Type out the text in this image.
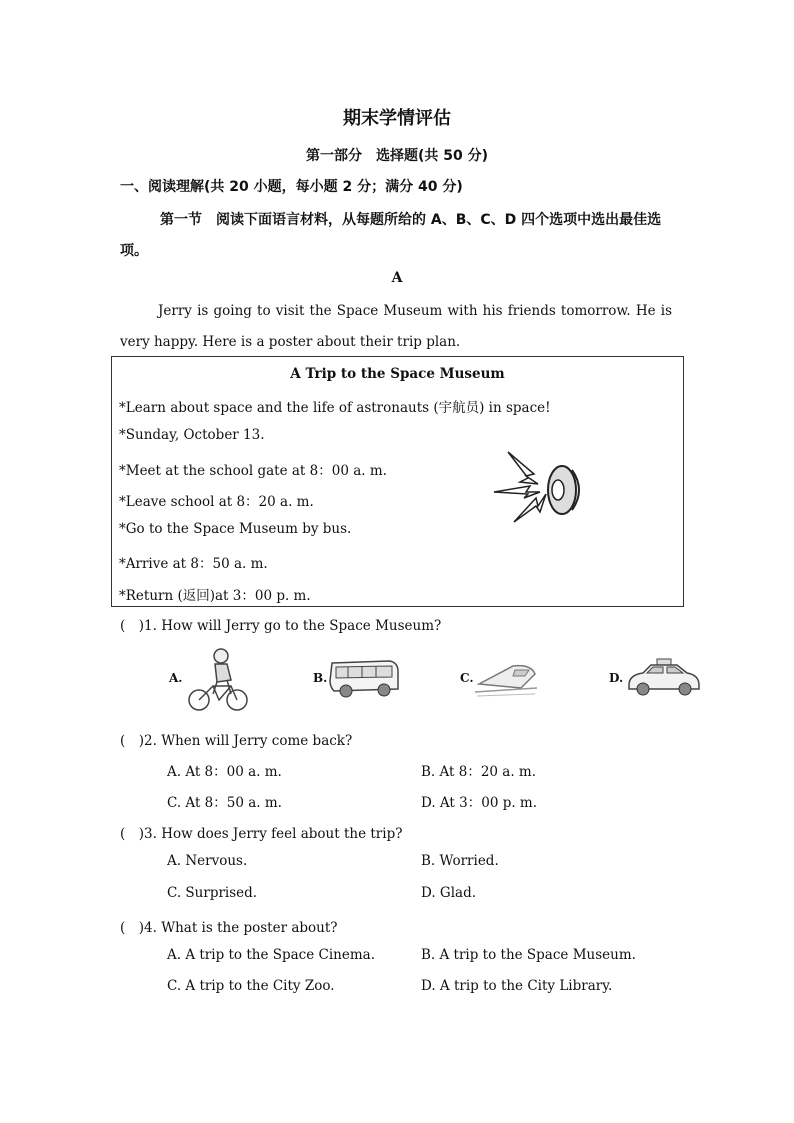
期末学情评估
第一部分　选择题(共 50 分)
一、阅读理解(共 20 小题，每小题 2 分；满分 40 分)
第一节　阅读下面语言材料，从每题所给的 A、B、C、D 四个选项中选出最佳选项。
A
Jerry is going to visit the Space Museum with his friends tomorrow. He is very happy. Here is a poster about their trip plan.
A Trip to the Space Museum
*Learn about space and the life of astronauts (宇航员) in space!
*Sunday, October 13.
*Meet at the school gate at 8：00 a. m.
*Leave school at 8：20 a. m.
*Go to the Space Museum by bus.
*Arrive at 8：50 a. m.
*Return (返回)at 3：00 p. m.
(　)1. How will Jerry go to the Space Museum?
A.	B.	C.	D.
(　)2. When will Jerry come back?
A. At 8：00 a. m.	B. At 8：20 a. m.
C. At 8：50 a. m.	D. At 3：00 p. m.
(　)3. How does Jerry feel about the trip?
A. Nervous.	B. Worried.
C. Surprised.	D. Glad.
(　)4. What is the poster about?
A. A trip to the Space Cinema.	B. A trip to the Space Museum.
C. A trip to the City Zoo.	D. A trip to the City Library.
